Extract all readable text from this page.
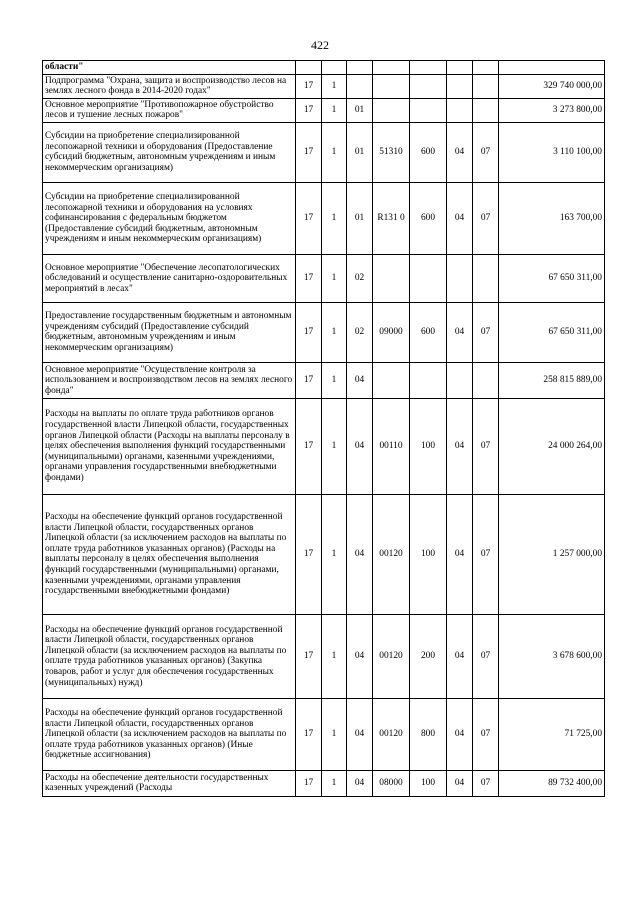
422
области"								
Подпрограмма "Охрана, защита и воспроизводство лесов на землях лесного фонда в 2014-2020 годах"	17	1						329 740 000,00
Основное мероприятие "Противопожарное обустройство лесов и тушение лесных пожаров"	17	1	01					3 273 800,00
Субсидии на приобретение специализированной лесопожарной техники и оборудования (Предоставление субсидий бюджетным, автономным учреждениям и иным некоммерческим организациям)	17	1	01	51310	600	04	07	3 110 100,00
Субсидии на приобретение специализированной лесопожарной техники и оборудования на условиях софинансирования с федеральным бюджетом (Предоставление субсидий бюджетным, автономным учреждениям и иным некоммерческим организациям)	17	1	01	R131 0	600	04	07	163 700,00
Основное мероприятие "Обеспечение лесопатологических обследований и осуществление санитарно-оздоровительных мероприятий в лесах"	17	1	02					67 650 311,00
Предоставление государственным бюджетным и автономным учреждениям субсидий (Предоставление субсидий бюджетным, автономным учреждениям и иным некоммерческим организациям)	17	1	02	09000	600	04	07	67 650 311,00
Основное мероприятие "Осуществление контроля за использованием и воспроизводством лесов на землях лесного фонда"	17	1	04					258 815 889,00
Расходы на выплаты по оплате труда работников органов государственной власти Липецкой области, государственных органов Липецкой области (Расходы на выплаты персоналу в целях обеспечения выполнения функций государственными (муниципальными) органами, казенными учреждениями, органами управления государственными внебюджетными фондами)	17	1	04	00110	100	04	07	24 000 264,00
Расходы на обеспечение функций органов государственной власти Липецкой области, государственных органов Липецкой области (за исключением расходов на выплаты по оплате труда работников указанных органов) (Расходы на выплаты персоналу в целях обеспечения выполнения функций государственными (муниципальными) органами, казенными учреждениями, органами управления государственными внебюджетными фондами)	17	1	04	00120	100	04	07	1 257 000,00
Расходы на обеспечение функций органов государственной власти Липецкой области, государственных органов Липецкой области (за исключением расходов на выплаты по оплате труда работников указанных органов) (Закупка товаров, работ и услуг для обеспечения государственных (муниципальных) нужд)	17	1	04	00120	200	04	07	3 678 600,00
Расходы на обеспечение функций органов государственной власти Липецкой области, государственных органов Липецкой области (за исключением расходов на выплаты по оплате труда работников указанных органов) (Иные бюджетные ассигнования)	17	1	04	00120	800	04	07	71 725,00
Расходы на обеспечение деятельности государственных казенных учреждений (Расходы	17	1	04	08000	100	04	07	89 732 400,00
